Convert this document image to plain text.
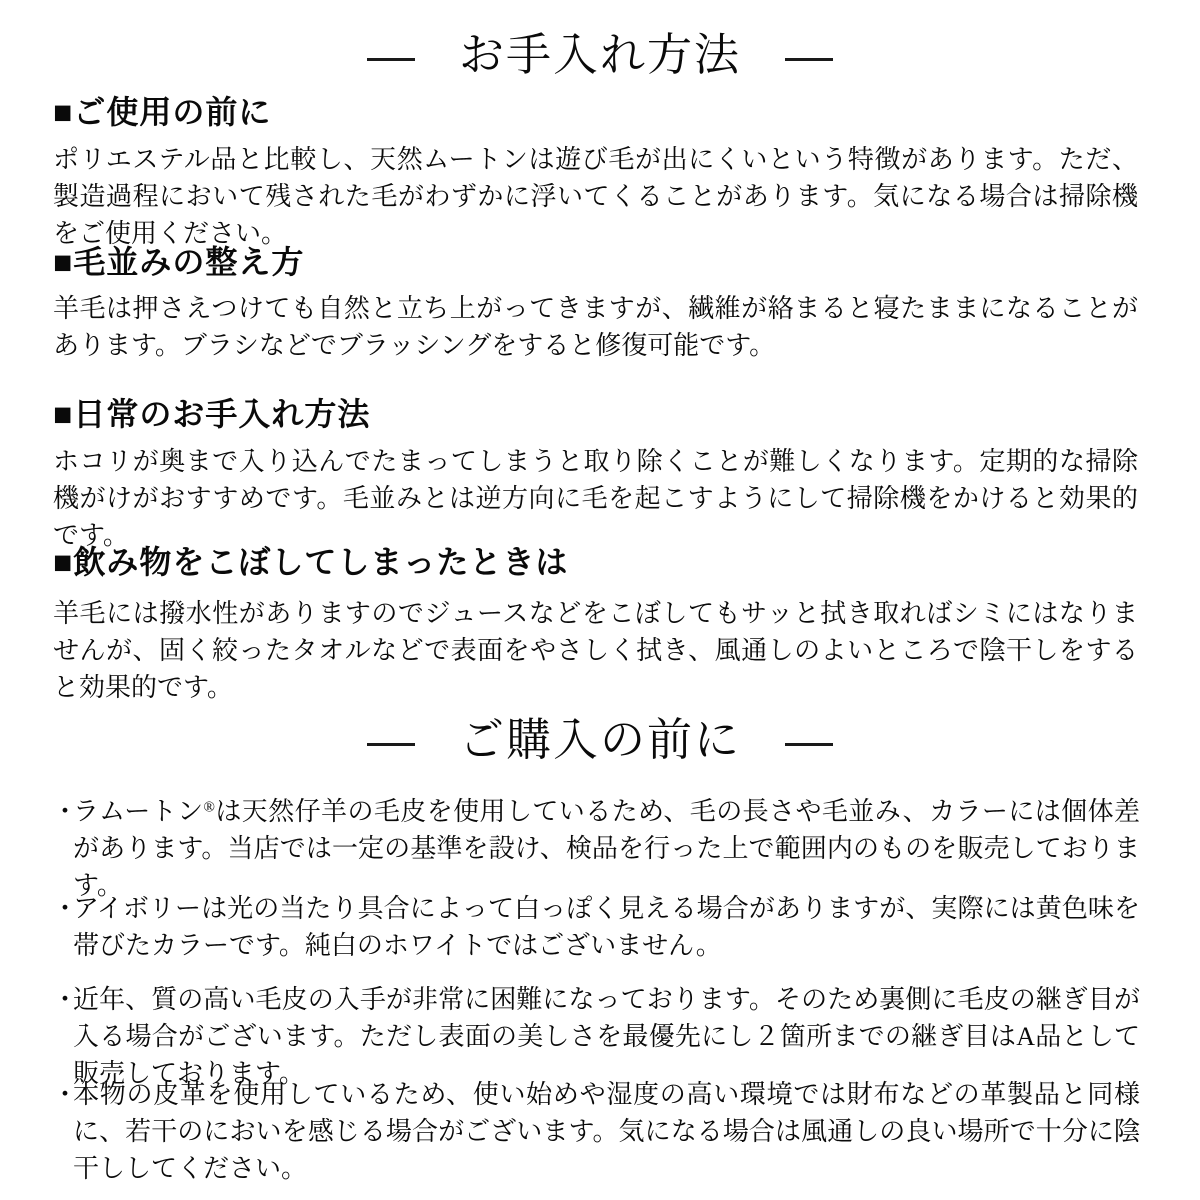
お手入れ方法
■ご使用の前に

ポリエステル品と比較し、天然ムートンは遊び毛が出にくいという特徴があります。ただ、製造過程において残された毛がわずかに浮いてくることがあります。気になる場合は掃除機をご使用ください。

■毛並みの整え方

羊毛は押さえつけても自然と立ち上がってきますが、繊維が絡まると寝たままになることがあります。ブラシなどでブラッシングをすると修復可能です。

■日常のお手入れ方法

ホコリが奥まで入り込んでたまってしまうと取り除くことが難しくなります。定期的な掃除機がけがおすすめです。毛並みとは逆方向に毛を起こすようにして掃除機をかけると効果的です。

■飲み物をこぼしてしまったときは

羊毛には撥水性がありますのでジュースなどをこぼしてもサッと拭き取ればシミにはなりませんが、固く絞ったタオルなどで表面をやさしく拭き、風通しのよいところで陰干しをすると効果的です。

ご購入の前に

・
ラムートン®は天然仔羊の毛皮を使用しているため、毛の長さや毛並み、カラーには個体差があります。当店では一定の基準を設け、検品を行った上で範囲内のものを販売しております。

・
アイボリーは光の当たり具合によって白っぽく見える場合がありますが、実際には黄色味を帯びたカラーです。純白のホワイトではございません。

・
近年、質の高い毛皮の入手が非常に困難になっております。そのため裏側に毛皮の継ぎ目が入る場合がございます。ただし表面の美しさを最優先にし２箇所までの継ぎ目はA品として販売しております。

・
本物の皮革を使用しているため、使い始めや湿度の高い環境では財布などの革製品と同様に、若干のにおいを感じる場合がございます。気になる場合は風通しの良い場所で十分に陰干ししてください。
